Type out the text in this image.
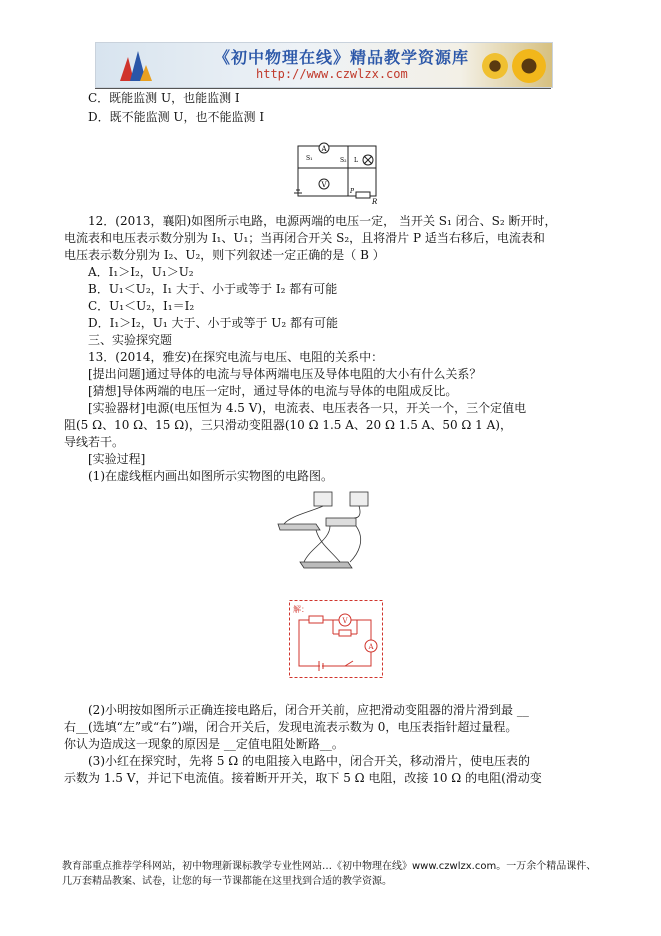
《初中物理在线》精品教学资源库
http://www.czwlzx.com
C．既能监测 U，也能监测 I
D．既不能监测 U，也不能监测 I
A
V
S₁	S₂ L
P
R
12．(2013，襄阳)如图所示电路，电源两端的电压一定， 当开关 S₁ 闭合、S₂ 断开时，
电流表和电压表示数分别为 I₁、U₁；当再闭合开关 S₂，且将滑片 P 适当右移后，电流表和
电压表示数分别为 I₂、U₂，则下列叙述一定正确的是（ B ）
A．I₁＞I₂，U₁＞U₂
B．U₁＜U₂，I₁ 大于、小于或等于 I₂ 都有可能
C．U₁＜U₂，I₁＝I₂
D．I₁＞I₂，U₁ 大于、小于或等于 U₂ 都有可能
三、实验探究题
13．(2014，雅安)在探究电流与电压、电阻的关系中：
[提出问题]通过导体的电流与导体两端电压及导体电阻的大小有什么关系？
[猜想]导体两端的电压一定时，通过导体的电流与导体的电阻成反比。
[实验器材]电源(电压恒为 4.5 V)，电流表、电压表各一只，开关一个，三个定值电
阻(5 Ω、10 Ω、15 Ω)，三只滑动变阻器(10 Ω 1.5 A、20 Ω 1.5 A、50 Ω 1 A)，
导线若干。
[实验过程]
(1)在虚线框内画出如图所示实物图的电路图。
解：
V
A
(2)小明按如图所示正确连接电路后，闭合开关前，应把滑动变阻器的滑片滑到最 __
右__(选填“左”或“右”)端，闭合开关后，发现电流表示数为 0，电压表指针超过量程。
你认为造成这一现象的原因是 __定值电阻处断路__。
(3)小红在探究时，先将 5 Ω 的电阻接入电路中，闭合开关，移动滑片，使电压表的
示数为 1.5 V，并记下电流值。接着断开开关，取下 5 Ω 电阻，改接 10 Ω 的电阻(滑动变
教育部重点推荐学科网站，初中物理新课标教学专业性网站…《初中物理在线》www.czwlzx.com。一万余个精品课件、
几万套精品教案、试卷，让您的每一节课都能在这里找到合适的教学资源。
